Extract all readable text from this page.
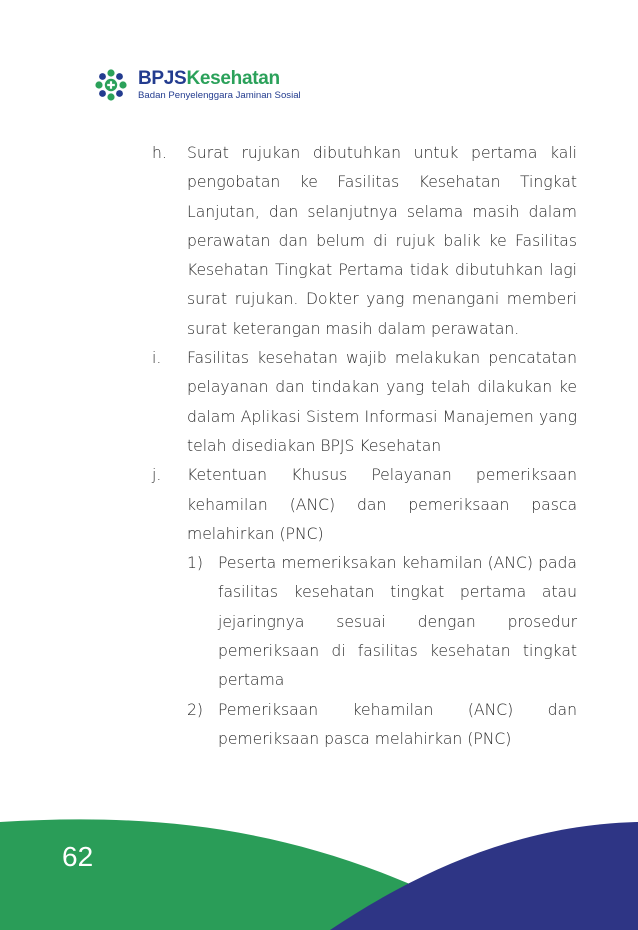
BPJSKesehatan
Badan Penyelenggara Jaminan Sosial
h.	Surat rujukan dibutuhkan untuk pertama kali pengobatan ke Fasilitas Kesehatan Tingkat Lanjutan, dan selanjutnya selama masih dalam perawatan dan belum di rujuk balik ke Fasilitas Kesehatan Tingkat Pertama tidak dibutuhkan lagi surat rujukan. Dokter yang menangani memberi surat keterangan masih dalam perawatan.
i.	Fasilitas kesehatan wajib melakukan pencatatan pelayanan dan tindakan yang telah dilakukan ke dalam Aplikasi Sistem Informasi Manajemen yang telah disediakan BPJS Kesehatan
j.	Ketentuan Khusus Pelayanan pemeriksaan kehamilan (ANC) dan pemeriksaan pasca melahirkan (PNC)
1) Peserta memeriksakan kehamilan (ANC) pada fasilitas kesehatan tingkat pertama atau jejaringnya sesuai dengan prosedur pemeriksaan di fasilitas kesehatan tingkat pertama
2) Pemeriksaan kehamilan (ANC) dan pemeriksaan pasca melahirkan (PNC)
62
